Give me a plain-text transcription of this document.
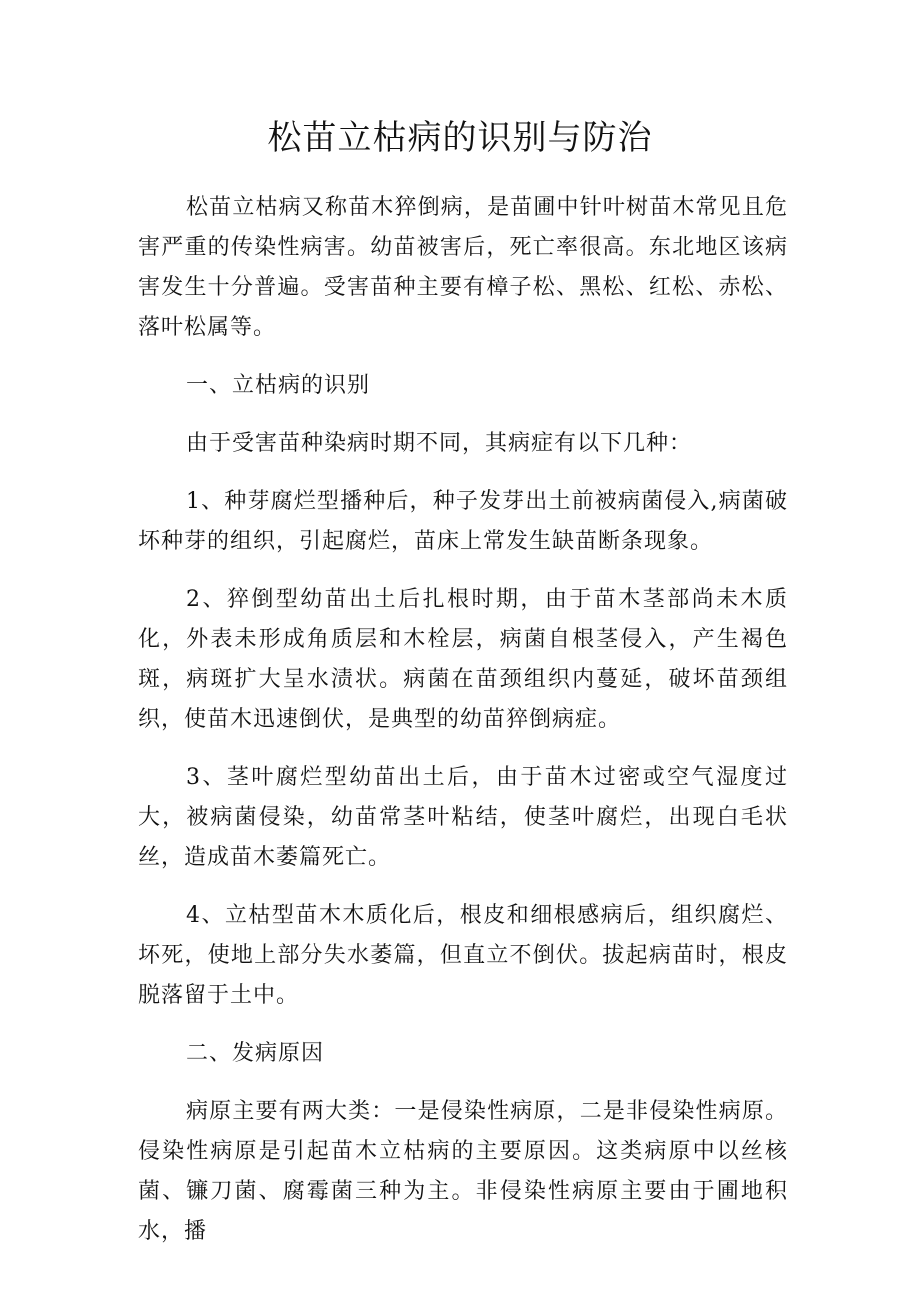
松苗立枯病的识别与防治

松苗立枯病又称苗木猝倒病，是苗圃中针叶树苗木常见且危害严重的传染性病害。幼苗被害后，死亡率很高。东北地区该病害发生十分普遍。受害苗种主要有樟子松、黑松、红松、赤松、落叶松属等。

一、立枯病的识别

由于受害苗种染病时期不同，其病症有以下几种：

1、种芽腐烂型播种后，种子发芽出土前被病菌侵入,病菌破坏种芽的组织，引起腐烂，苗床上常发生缺苗断条现象。

2、猝倒型幼苗出土后扎根时期，由于苗木茎部尚未木质化，外表未形成角质层和木栓层，病菌自根茎侵入，产生褐色斑，病斑扩大呈水渍状。病菌在苗颈组织内蔓延，破坏苗颈组织，使苗木迅速倒伏，是典型的幼苗猝倒病症。

3、茎叶腐烂型幼苗出土后，由于苗木过密或空气湿度过大，被病菌侵染，幼苗常茎叶粘结，使茎叶腐烂，出现白毛状丝，造成苗木萎篇死亡。

4、立枯型苗木木质化后，根皮和细根感病后，组织腐烂、坏死，使地上部分失水萎篇，但直立不倒伏。拔起病苗时，根皮脱落留于土中。

二、发病原因

病原主要有两大类：一是侵染性病原，二是非侵染性病原。侵染性病原是引起苗木立枯病的主要原因。这类病原中以丝核菌、镰刀菌、腐霉菌三种为主。非侵染性病原主要由于圃地积水，播
